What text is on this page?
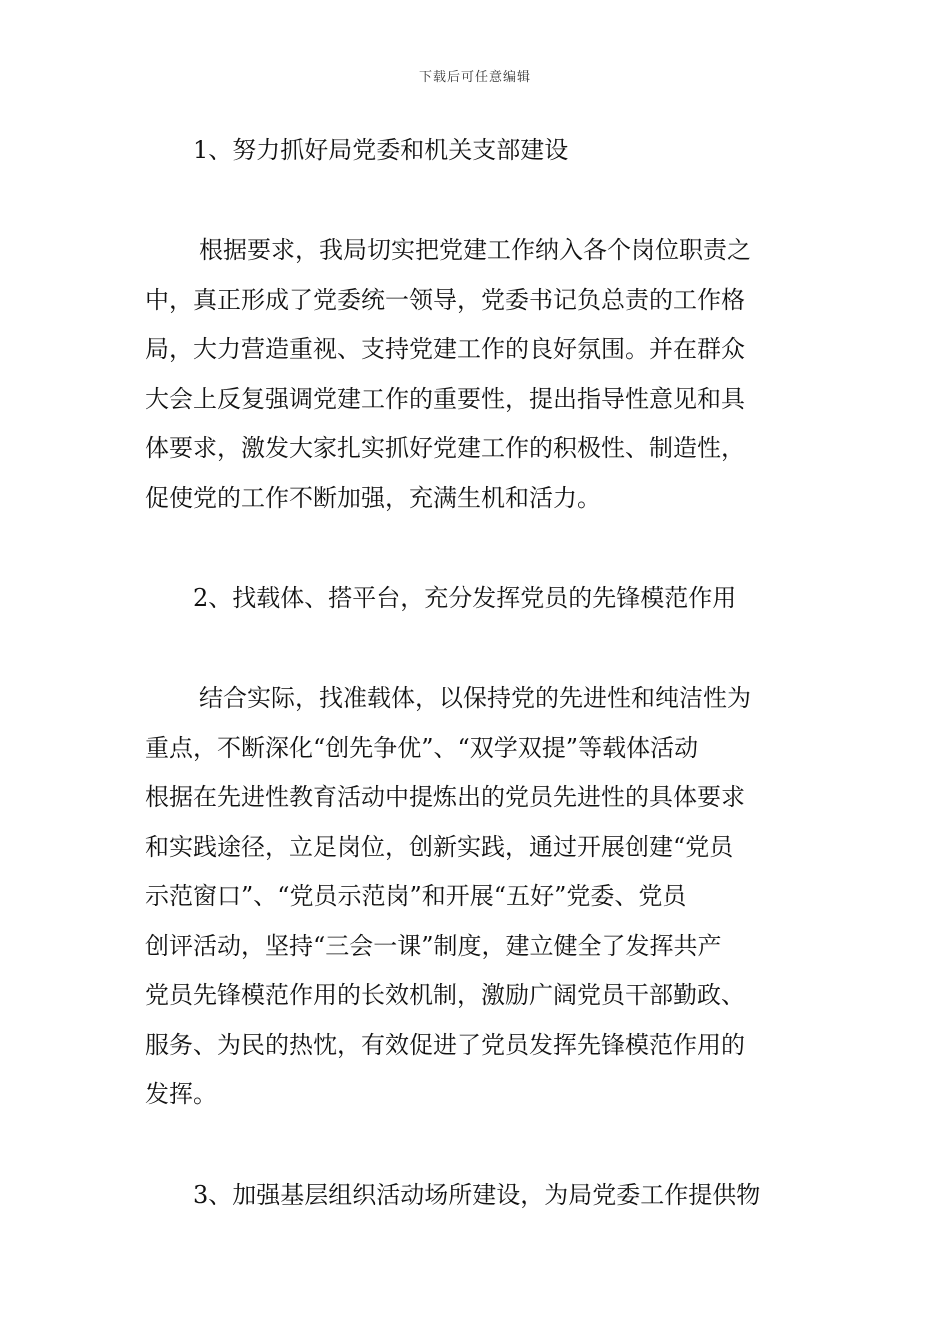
下载后可任意编辑
1、努力抓好局党委和机关支部建设
根据要求，我局切实把党建工作纳入各个岗位职责之
中，真正形成了党委统一领导，党委书记负总责的工作格
局，大力营造重视、支持党建工作的良好氛围。并在群众
大会上反复强调党建工作的重要性，提出指导性意见和具
体要求，激发大家扎实抓好党建工作的积极性、制造性，
促使党的工作不断加强，充满生机和活力。
2、找载体、搭平台，充分发挥党员的先锋模范作用
结合实际，找准载体，以保持党的先进性和纯洁性为
重点，不断深化“创先争优”、“双学双提”等载体活动
根据在先进性教育活动中提炼出的党员先进性的具体要求
和实践途径，立足岗位，创新实践，通过开展创建“党员
示范窗口”、“党员示范岗”和开展“五好”党委、党员
创评活动，坚持“三会一课”制度，建立健全了发挥共产
党员先锋模范作用的长效机制，激励广阔党员干部勤政、
服务、为民的热忱，有效促进了党员发挥先锋模范作用的
发挥。
3、加强基层组织活动场所建设，为局党委工作提供物
